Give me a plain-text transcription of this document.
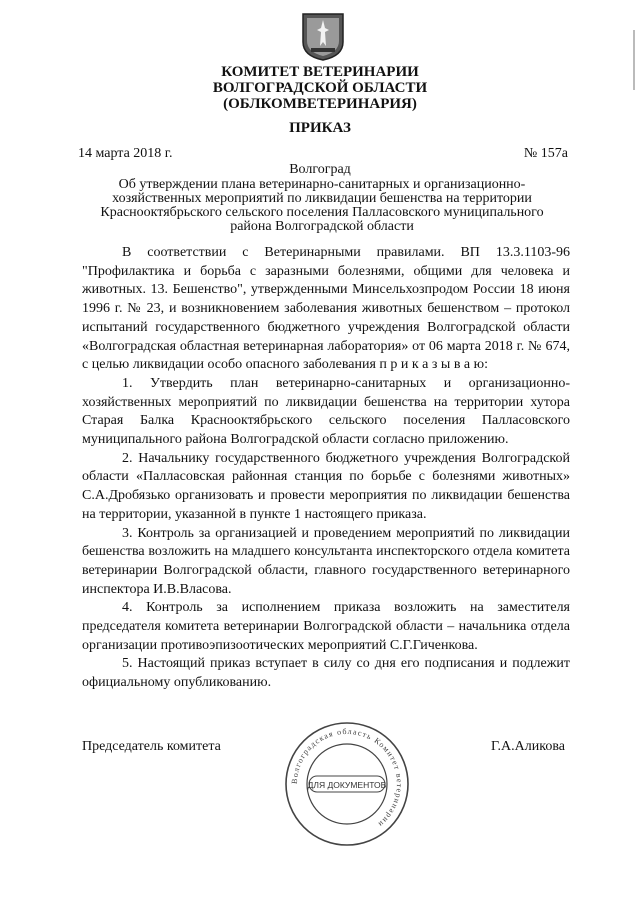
КОМИТЕТ ВЕТЕРИНАРИИ
ВОЛГОГРАДСКОЙ ОБЛАСТИ
(ОБЛКОМВЕТЕРИНАРИЯ)
ПРИКАЗ
14 марта 2018 г.	№ 157а
Волгоград
Об утверждении плана ветеринарно-санитарных и организационно-хозяйственных мероприятий по ликвидации бешенства на территории Краснооктябрьского сельского поселения Палласовского муниципального района Волгоградской области

В соответствии с Ветеринарными правилами. ВП 13.3.1103-96 "Профилактика и борьба с заразными болезнями, общими для человека и животных. 13. Бешенство", утвержденными Минсельхозпродом России 18 июня 1996 г. № 23, и возникновением заболевания животных бешенством – протокол испытаний государственного бюджетного учреждения Волгоградской области «Волгоградская областная ветеринарная лаборатория» от 06 марта 2018 г. № 674, с целью ликвидации особо опасного заболевания п р и к а з ы в а ю:

1. Утвердить план ветеринарно-санитарных и организационно-хозяйственных мероприятий по ликвидации бешенства на территории хутора Старая Балка Краснооктябрьского сельского поселения Палласовского муниципального района Волгоградской области согласно приложению.

2. Начальнику государственного бюджетного учреждения Волгоградской области «Палласовская районная станция по борьбе с болезнями животных» С.А.Дробязько организовать и провести мероприятия по ликвидации бешенства на территории, указанной в пункте 1 настоящего приказа.

3. Контроль за организацией и проведением мероприятий по ликвидации бешенства возложить на младшего консультанта инспекторского отдела комитета ветеринарии Волгоградской области, главного государственного ветеринарного инспектора И.В.Власова.

4. Контроль за исполнением приказа возложить на заместителя председателя комитета ветеринарии Волгоградской области – начальника отдела организации противоэпизоотических мероприятий С.Г.Гиченкова.

5. Настоящий приказ вступает в силу со дня его подписания и подлежит официальному опубликованию.

Председатель комитета	Г.А.Аликова
Волгоградская область Комитет ветеринарии
ДЛЯ ДОКУМЕНТОВ
